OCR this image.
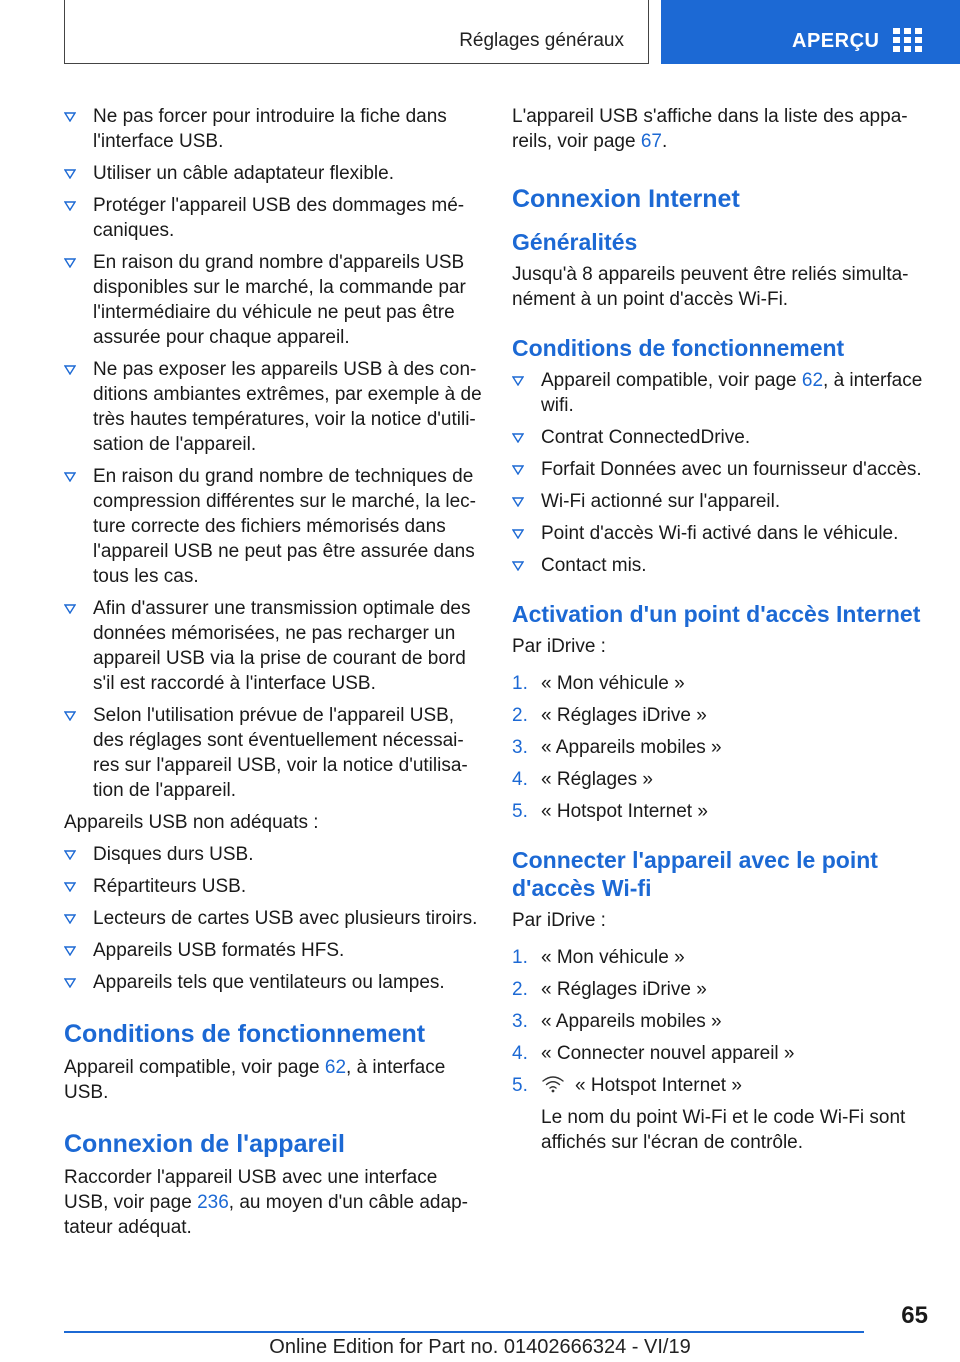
Réglages généraux	APERÇU
Ne pas forcer pour introduire la fiche dans l'interface USB.
Utiliser un câble adaptateur flexible.
Protéger l'appareil USB des dommages mé-caniques.
En raison du grand nombre d'appareils USB disponibles sur le marché, la commande par l'intermédiaire du véhicule ne peut pas être assurée pour chaque appareil.
Ne pas exposer les appareils USB à des con-ditions ambiantes extrêmes, par exemple à de très hautes températures, voir la notice d'utili-sation de l'appareil.
En raison du grand nombre de techniques de compression différentes sur le marché, la lec-ture correcte des fichiers mémorisés dans l'appareil USB ne peut pas être assurée dans tous les cas.
Afin d'assurer une transmission optimale des données mémorisées, ne pas recharger un appareil USB via la prise de courant de bord s'il est raccordé à l'interface USB.
Selon l'utilisation prévue de l'appareil USB, des réglages sont éventuellement nécessai-res sur l'appareil USB, voir la notice d'utilisa-tion de l'appareil.

Appareils USB non adéquats :

Disques durs USB.
Répartiteurs USB.
Lecteurs de cartes USB avec plusieurs tiroirs.
Appareils USB formatés HFS.
Appareils tels que ventilateurs ou lampes.
Conditions de fonctionnement

Appareil compatible, voir page 62, à interface USB.

Connexion de l'appareil

Raccorder l'appareil USB avec une interface USB, voir page 236, au moyen d'un câble adap-tateur adéquat.

L'appareil USB s'affiche dans la liste des appa-reils, voir page 67.

Connexion Internet
Généralités

Jusqu'à 8 appareils peuvent être reliés simulta-nément à un point d'accès Wi-Fi.

Conditions de fonctionnement
Appareil compatible, voir page 62, à interface wifi.
Contrat ConnectedDrive.
Forfait Données avec un fournisseur d'accès.
Wi-Fi actionné sur l'appareil.
Point d'accès Wi-fi activé dans le véhicule.
Contact mis.
Activation d'un point d'accès Internet

Par iDrive :

1. « Mon véhicule »
2. « Réglages iDrive »
3. « Appareils mobiles »
4. « Réglages »
5. « Hotspot Internet »
Connecter l'appareil avec le point d'accès Wi-fi

Par iDrive :

1. « Mon véhicule »
2. « Réglages iDrive »
3. « Appareils mobiles »
4. « Connecter nouvel appareil »
5. « Hotspot Internet »
Le nom du point Wi-Fi et le code Wi-Fi sont affichés sur l'écran de contrôle.
65
Online Edition for Part no. 01402666324 - VI/19
